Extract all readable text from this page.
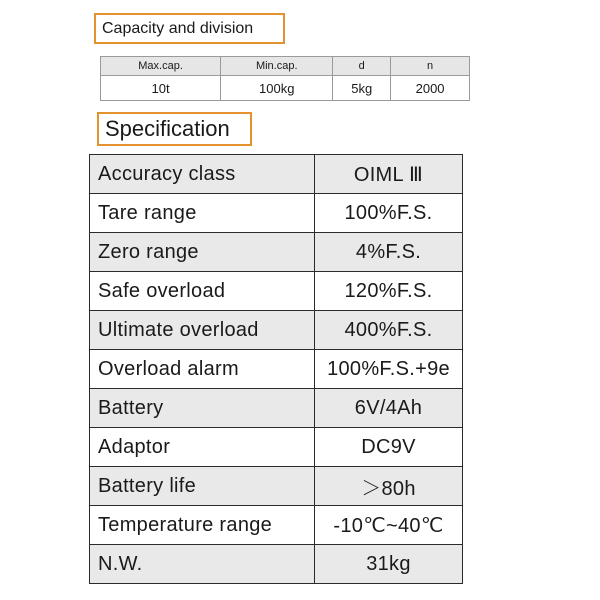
Capacity and division
Max.cap.	Min.cap.	d	n
10t	100kg	5kg	2000
Specification
Accuracy class	OIML Ⅲ
Tare range	100%F.S.
Zero range	4%F.S.
Safe overload	120%F.S.
Ultimate overload	400%F.S.
Overload alarm	100%F.S.+9e
Battery	6V/4Ah
Adaptor	DC9V
Battery life	＞80h
Temperature range	-10℃~40℃
N.W.	31kg
